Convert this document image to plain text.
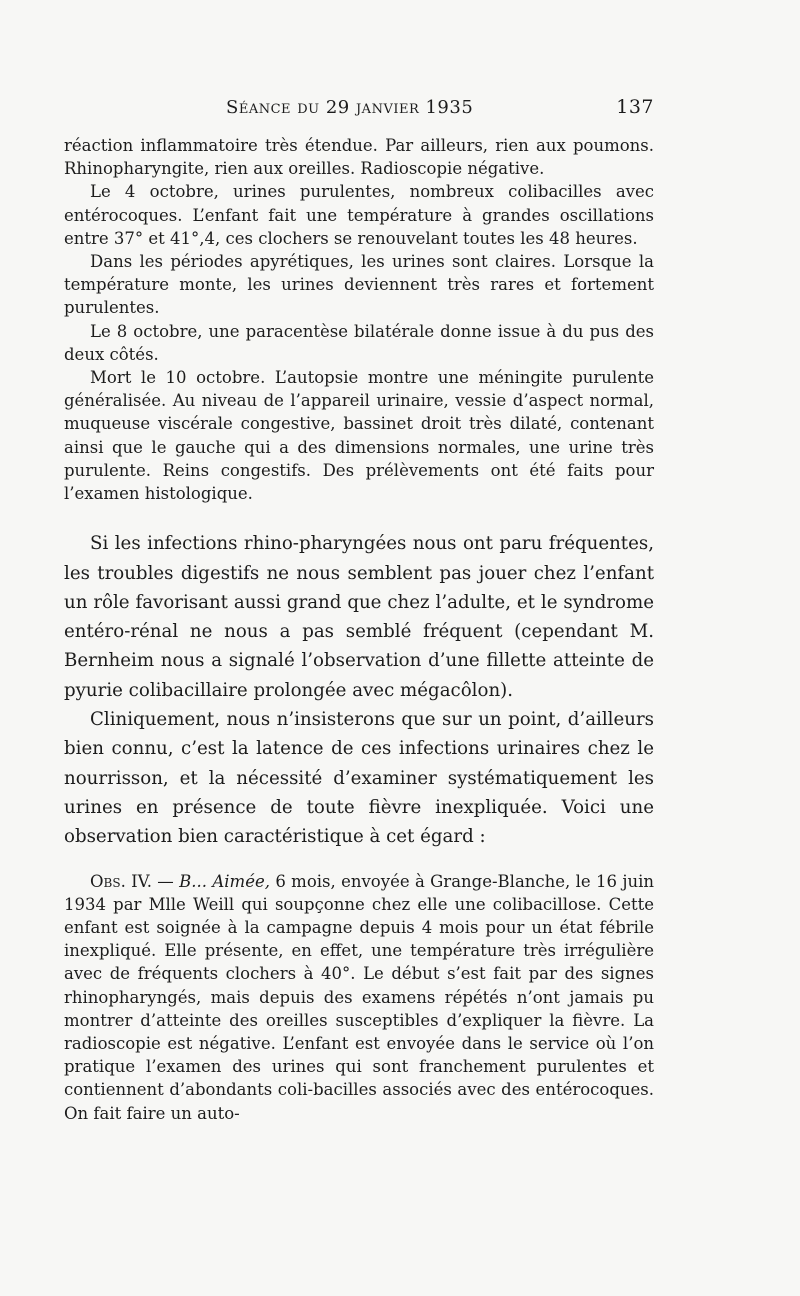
Séance du 29 janvier 1935	137

réaction inflammatoire très étendue. Par ailleurs, rien aux poumons. Rhinopharyngite, rien aux oreilles. Radioscopie négative.

Le 4 octobre, urines purulentes, nombreux colibacilles avec entérocoques. L’enfant fait une température à grandes oscillations entre 37° et 41°,4, ces clochers se renouvelant toutes les 48 heures.

Dans les périodes apyrétiques, les urines sont claires. Lorsque la température monte, les urines deviennent très rares et fortement purulentes.

Le 8 octobre, une paracentèse bilatérale donne issue à du pus des deux côtés.

Mort le 10 octobre. L’autopsie montre une méningite purulente généralisée. Au niveau de l’appareil urinaire, vessie d’aspect normal, muqueuse viscérale congestive, bassinet droit très dilaté, contenant ainsi que le gauche qui a des dimensions normales, une urine très purulente. Reins congestifs. Des prélèvements ont été faits pour l’examen histologique.

Si les infections rhino-pharyngées nous ont paru fréquentes, les troubles digestifs ne nous semblent pas jouer chez l’enfant un rôle favorisant aussi grand que chez l’adulte, et le syndrome entéro-rénal ne nous a pas semblé fréquent (cependant M. Bernheim nous a signalé l’observation d’une fillette atteinte de pyurie colibacillaire prolongée avec mégacôlon).

Cliniquement, nous n’insisterons que sur un point, d’ailleurs bien connu, c’est la latence de ces infections urinaires chez le nourrisson, et la nécessité d’examiner systématiquement les urines en présence de toute fièvre inexpliquée. Voici une observation bien caractéristique à cet égard :

Obs. IV. — B... Aimée, 6 mois, envoyée à Grange-Blanche, le 16 juin 1934 par Mlle Weill qui soupçonne chez elle une colibacillose. Cette enfant est soignée à la campagne depuis 4 mois pour un état fébrile inexpliqué. Elle présente, en effet, une température très irrégulière avec de fréquents clochers à 40°. Le début s’est fait par des signes rhinopharyngés, mais depuis des examens répétés n’ont jamais pu montrer d’atteinte des oreilles susceptibles d’expliquer la fièvre. La radioscopie est négative. L’enfant est envoyée dans le service où l’on pratique l’examen des urines qui sont franchement purulentes et contiennent d’abondants coli-bacilles associés avec des entérocoques. On fait faire un auto-
